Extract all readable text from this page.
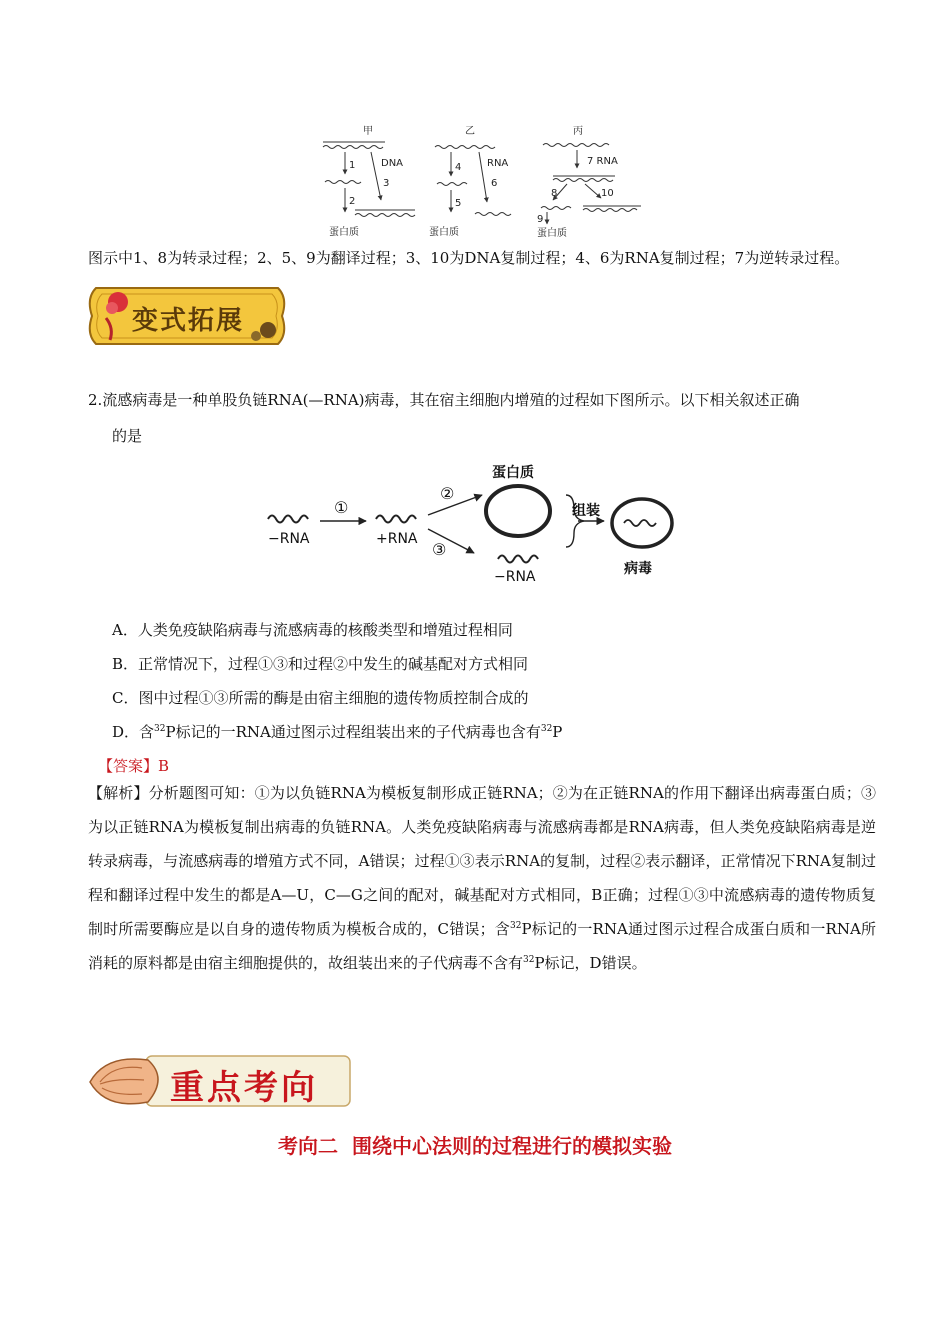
甲	乙	丙
DNA
1
2
3
蛋白质
RNA
4
5
6
蛋白质
7 RNA
8
9
10
蛋白质
图示中1、8为转录过程；2、5、9为翻译过程；3、10为DNA复制过程；4、6为RNA复制过程；7为逆转录过程。
变式拓展
2.流感病毒是一种单股负链RNA(—RNA)病毒，其在宿主细胞内增殖的过程如下图所示。以下相关叙述正确
的是
−RNA	+RNA
①
②
③
蛋白质
−RNA
组装
病毒
A．人类免疫缺陷病毒与流感病毒的核酸类型和增殖过程相同
B．正常情况下，过程①③和过程②中发生的碱基配对方式相同
C．图中过程①③所需的酶是由宿主细胞的遗传物质控制合成的
D．含$^{32}$P标记的一RNA通过图示过程组装出来的子代病毒也含有$^{32}$P
【答案】B
【解析】分析题图可知：①为以负链RNA为模板复制形成正链RNA；②为在正链RNA的作用下翻译出病毒蛋白质；③为以正链RNA为模板复制出病毒的负链RNA。人类免疫缺陷病毒与流感病毒都是RNA病毒，但人类免疫缺陷病毒是逆转录病毒，与流感病毒的增殖方式不同，A错误；过程①③表示RNA的复制，过程②表示翻译，正常情况下RNA复制过程和翻译过程中发生的都是A—U，C—G之间的配对，碱基配对方式相同，B正确；过程①③中流感病毒的遗传物质复制时所需要酶应是以自身的遗传物质为模板合成的，C错误；含$^{32}$P标记的一RNA通过图示过程合成蛋白质和一RNA所消耗的原料都是由宿主细胞提供的，故组装出来的子代病毒不含有$^{32}$P标记，D错误。
重点考向
考向二  围绕中心法则的过程进行的模拟实验
